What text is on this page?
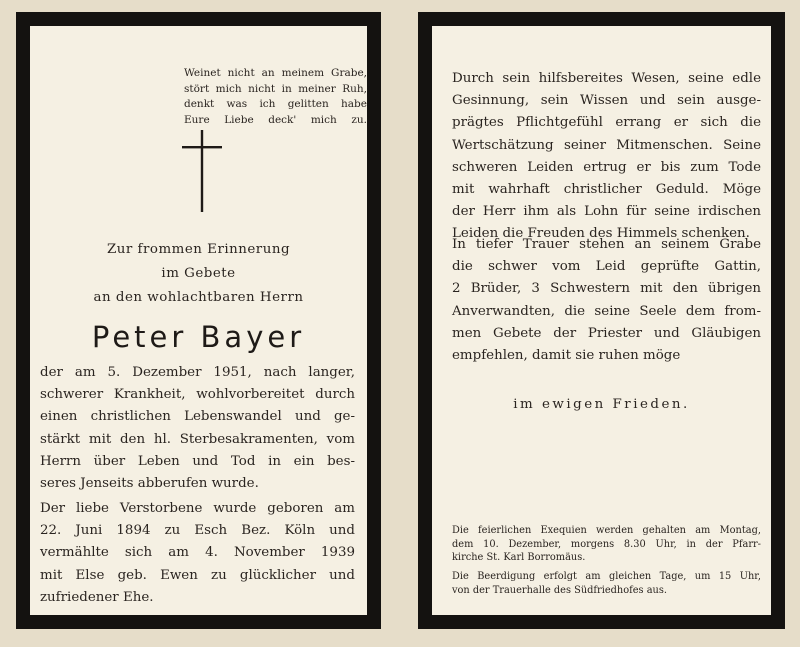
Weinet nicht an meinem Grabe,
stört mich nicht in meiner Ruh,
denkt was ich gelitten habe
Eure Liebe deck' mich zu.
Zur frommen Erinnerung
im Gebete
an den wohlachtbaren Herrn
Peter Bayer
der am 5. Dezember 1951, nach langer,
schwerer Krankheit, wohlvorbereitet durch
einen christlichen Lebenswandel und ge-
stärkt mit den hl. Sterbesakramenten, vom
Herrn über Leben und Tod in ein bes-
seres Jenseits abberufen wurde.
Der liebe Verstorbene wurde geboren am
22. Juni 1894 zu Esch Bez. Köln und
vermählte sich am 4. November 1939
mit Else geb. Ewen zu glücklicher und
zufriedener Ehe.
Durch sein hilfsbereites Wesen, seine edle
Gesinnung, sein Wissen und sein ausge-
prägtes Pflichtgefühl errang er sich die
Wertschätzung seiner Mitmenschen. Seine
schweren Leiden ertrug er bis zum Tode
mit wahrhaft christlicher Geduld. Möge
der Herr ihm als Lohn für seine irdischen
Leiden die Freuden des Himmels schenken.
In tiefer Trauer stehen an seinem Grabe
die schwer vom Leid geprüfte Gattin,
2 Brüder, 3 Schwestern mit den übrigen
Anverwandten, die seine Seele dem from-
men Gebete der Priester und Gläubigen
empfehlen, damit sie ruhen möge
im ewigen Frieden.
Die feierlichen Exequien werden gehalten am Montag,
dem 10. Dezember, morgens 8.30 Uhr, in der Pfarr-
kirche St. Karl Borromäus.
Die Beerdigung erfolgt am gleichen Tage, um 15 Uhr,
von der Trauerhalle des Südfriedhofes aus.
